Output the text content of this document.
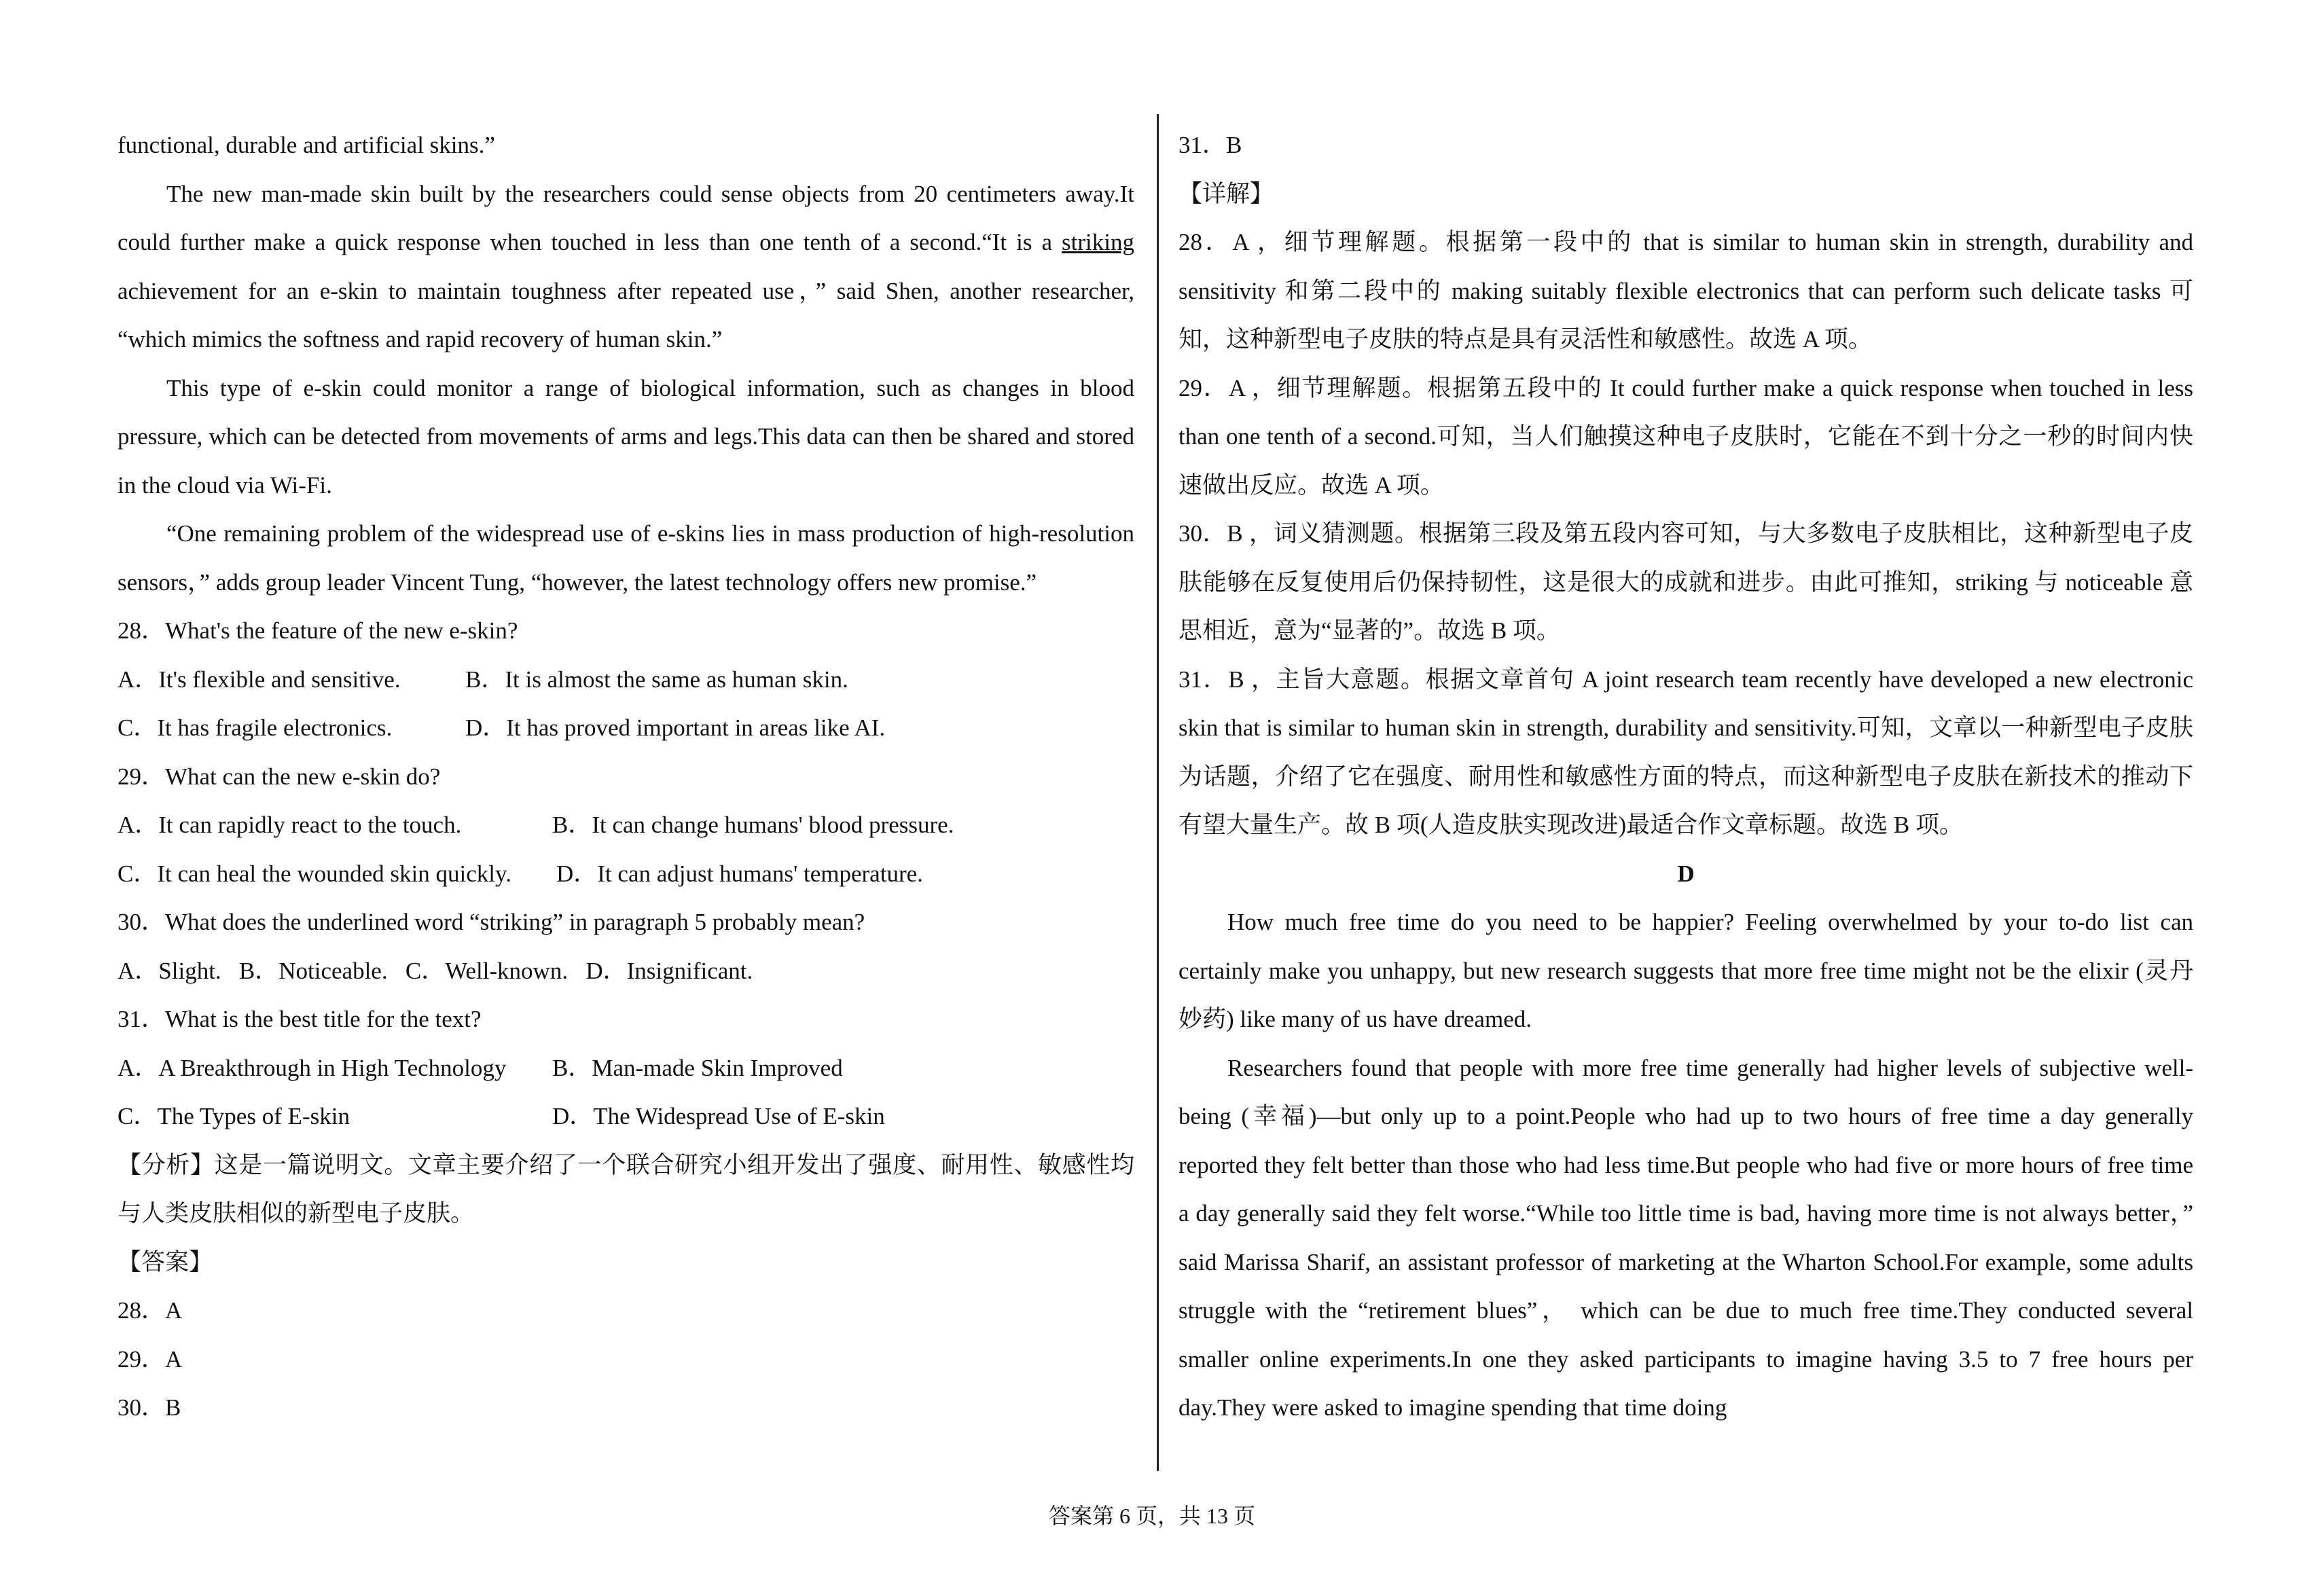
functional, durable and artificial skins.”

The new man-made skin built by the researchers could sense objects from 20 centimeters away.It could further make a quick response when touched in less than one tenth of a second.“It is a striking achievement for an e-skin to maintain toughness after repeated use，” said Shen, another researcher, “which mimics the softness and rapid recovery of human skin.”

This type of e-skin could monitor a range of biological information, such as changes in blood pressure, which can be detected from movements of arms and legs.This data can then be shared and stored in the cloud via Wi-Fi.

“One remaining problem of the widespread use of e-skins lies in mass production of high-resolution sensors，” adds group leader Vincent Tung, “however, the latest technology offers new promise.”

28．What's the feature of the new e-skin?
A．It's flexible and sensitive.	B．It is almost the same as human skin.
C．It has fragile electronics.	D．It has proved important in areas like AI.
29．What can the new e-skin do?
A．It can rapidly react to the touch.	B．It can change humans' blood pressure.
C．It can heal the wounded skin quickly.	D．It can adjust humans' temperature.
30．What does the underlined word “striking” in paragraph 5 probably mean?
A．Slight.   B．Noticeable.   C．Well-known.   D．Insignificant.
31．What is the best title for the text?
A．A Breakthrough in High Technology	B．Man-made Skin Improved
C．The Types of E-skin	D．The Widespread Use of E-skin
【分析】这是一篇说明文。文章主要介绍了一个联合研究小组开发出了强度、耐用性、敏感性均与人类皮肤相似的新型电子皮肤。
【答案】
28．A
29．A
30．B
31．B
【详解】
28．A ，细节理解题。根据第一段中的 that is similar to human skin in strength, durability and sensitivity 和第二段中的 making suitably flexible electronics that can perform such delicate tasks 可知，这种新型电子皮肤的特点是具有灵活性和敏感性。故选 A 项。
29．A ，细节理解题。根据第五段中的 It could further make a quick response when touched in less than one tenth of a second.可知，当人们触摸这种电子皮肤时，它能在不到十分之一秒的时间内快速做出反应。故选 A 项。
30．B ，词义猜测题。根据第三段及第五段内容可知，与大多数电子皮肤相比，这种新型电子皮肤能够在反复使用后仍保持韧性，这是很大的成就和进步。由此可推知，striking 与 noticeable 意思相近，意为“显著的”。故选 B 项。
31．B ，主旨大意题。根据文章首句 A joint research team recently have developed a new electronic skin that is similar to human skin in strength, durability and sensitivity.可知，文章以一种新型电子皮肤为话题，介绍了它在强度、耐用性和敏感性方面的特点，而这种新型电子皮肤在新技术的推动下有望大量生产。故 B 项(人造皮肤实现改进)最适合作文章标题。故选 B 项。
D

How much free time do you need to be happier? Feeling overwhelmed by your to-do list can certainly make you unhappy, but new research suggests that more free time might not be the elixir (灵丹妙药) like many of us have dreamed.

Researchers found that people with more free time generally had higher levels of subjective well-being (幸福)—but only up to a point.People who had up to two hours of free time a day generally reported they felt better than those who had less time.But people who had five or more hours of free time a day generally said they felt worse.“While too little time is bad, having more time is not always better，” said Marissa Sharif, an assistant professor of marketing at the Wharton School.For example, some adults struggle with the “retirement blues”， which can be due to much free time.They conducted several smaller online experiments.In one they asked participants to imagine having 3.5 to 7 free hours per day.They were asked to imagine spending that time doing

答案第 6 页，共 13 页
